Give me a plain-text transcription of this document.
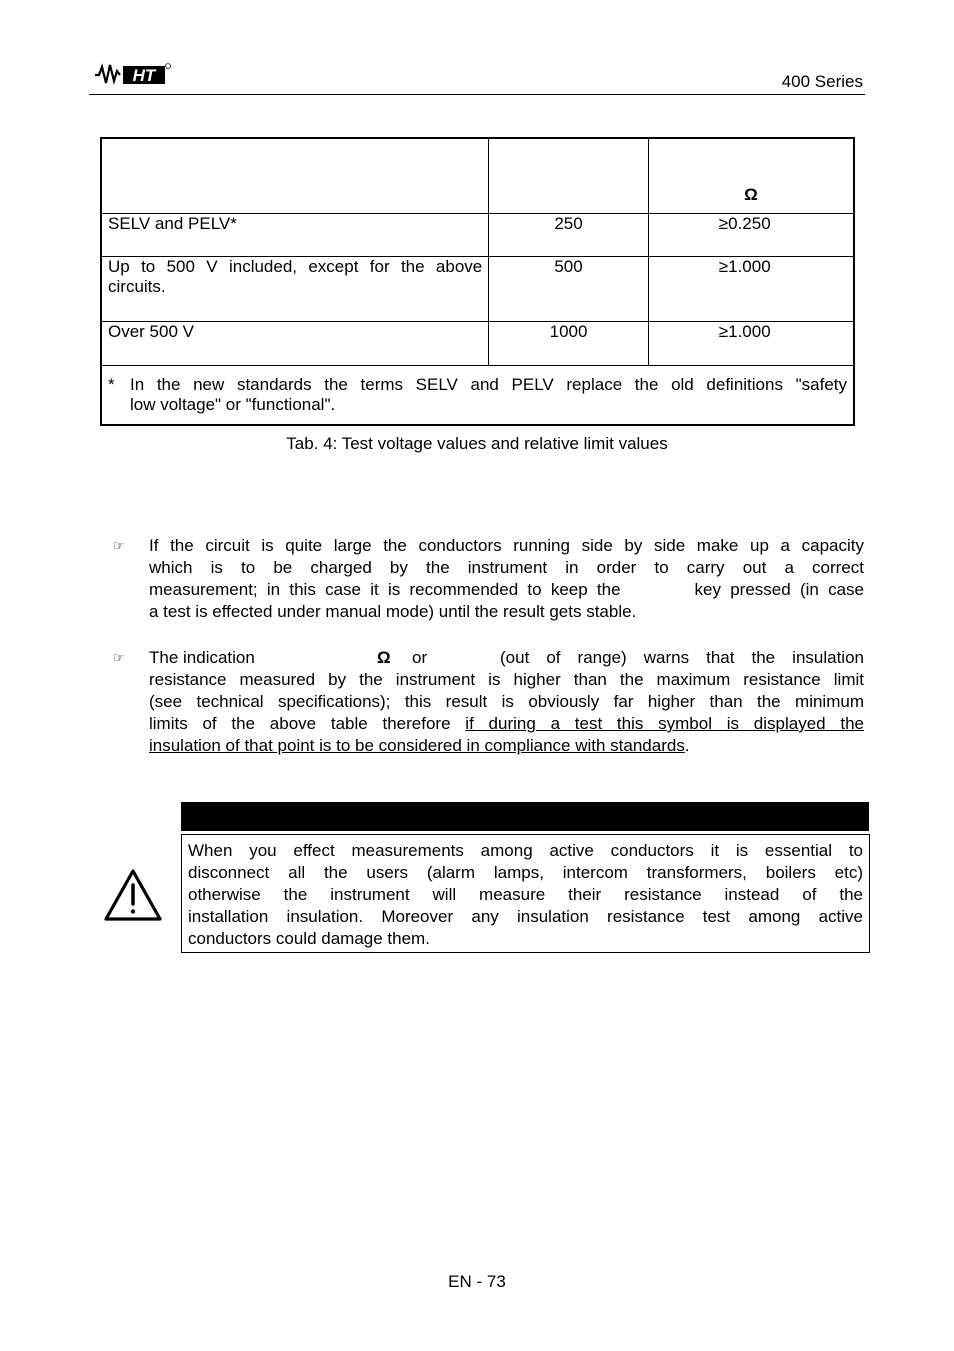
HT	400 Series
		Ω
SELV and PELV*	250	≥0.250

Up to 500 V included, except for the above
circuits.	500	≥1.000
Over 500 V	1000	≥1.000

* In the new standards the terms SELV and PELV replace the old definitions "safety
low voltage" or "functional".		
Tab. 4: Test voltage values and relative limit values
☞ If the circuit is quite large the conductors running side by side make up a capacity
which is to be charged by the instrument in order to carry out a correct
measurement; in this case it is recommended to keep the        key pressed (in case
a test is effected under manual mode) until the result gets stable.
☞ The indication	Ω or	(out of range) warns that the insulation
resistance measured by the instrument is higher than the maximum resistance limit
(see technical specifications); this result is obviously far higher than the minimum
limits of the above table therefore if during a test this symbol is displayed the
insulation of that point is to be considered in compliance with standards.
When you effect measurements among active conductors it is essential to
disconnect all the users (alarm lamps, intercom transformers, boilers etc)
otherwise the instrument will measure their resistance instead of the
installation insulation. Moreover any insulation resistance test among active
conductors could damage them.
EN - 73
